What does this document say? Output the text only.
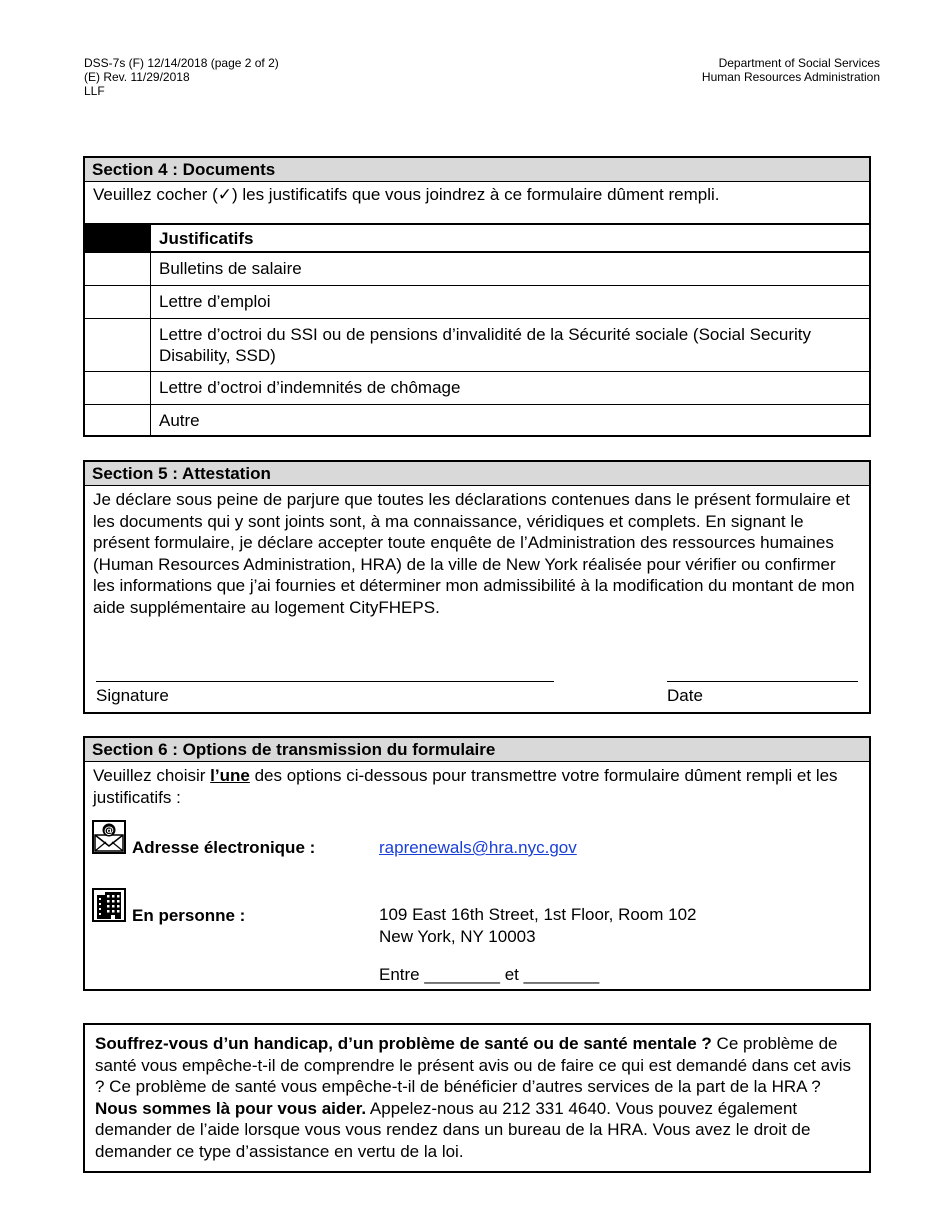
DSS-7s (F) 12/14/2018 (page 2 of 2)
(E) Rev. 11/29/2018
LLF
Department of Social Services
Human Resources Administration
Section 4 : Documents
Veuillez cocher (✓) les justificatifs que vous joindrez à ce formulaire dûment rempli.
	Justificatifs
	Bulletins de salaire
	Lettre d’emploi
	Lettre d’octroi du SSI ou de pensions d’invalidité de la Sécurité sociale (Social Security Disability, SSD)
	Lettre d’octroi d’indemnités de chômage
	Autre
Section 5 : Attestation
Je déclare sous peine de parjure que toutes les déclarations contenues dans le présent formulaire et les documents qui y sont joints sont, à ma connaissance, véridiques et complets. En signant le présent formulaire, je déclare accepter toute enquête de l’Administration des ressources humaines (Human Resources Administration, HRA) de la ville de New York réalisée pour vérifier ou confirmer les informations que j’ai fournies et déterminer mon admissibilité à la modification du montant de mon aide supplémentaire au logement CityFHEPS.
Signature	Date
Section 6 : Options de transmission du formulaire
Veuillez choisir l’une des options ci-dessous pour transmettre votre formulaire dûment rempli et les justificatifs :
@
Adresse électronique :	raprenewals@hra.nyc.gov
En personne :	109 East 16th Street, 1st Floor, Room 102
New York, NY 10003
Entre ________ et ________
Souffrez-vous d’un handicap, d’un problème de santé ou de santé mentale ? Ce problème de santé vous empêche-t-il de comprendre le présent avis ou de faire ce qui est demandé dans cet avis ? Ce problème de santé vous empêche-t-il de bénéficier d’autres services de la part de la HRA ? Nous sommes là pour vous aider. Appelez-nous au 212 331 4640. Vous pouvez également demander de l’aide lorsque vous vous rendez dans un bureau de la HRA. Vous avez le droit de demander ce type d’assistance en vertu de la loi.
